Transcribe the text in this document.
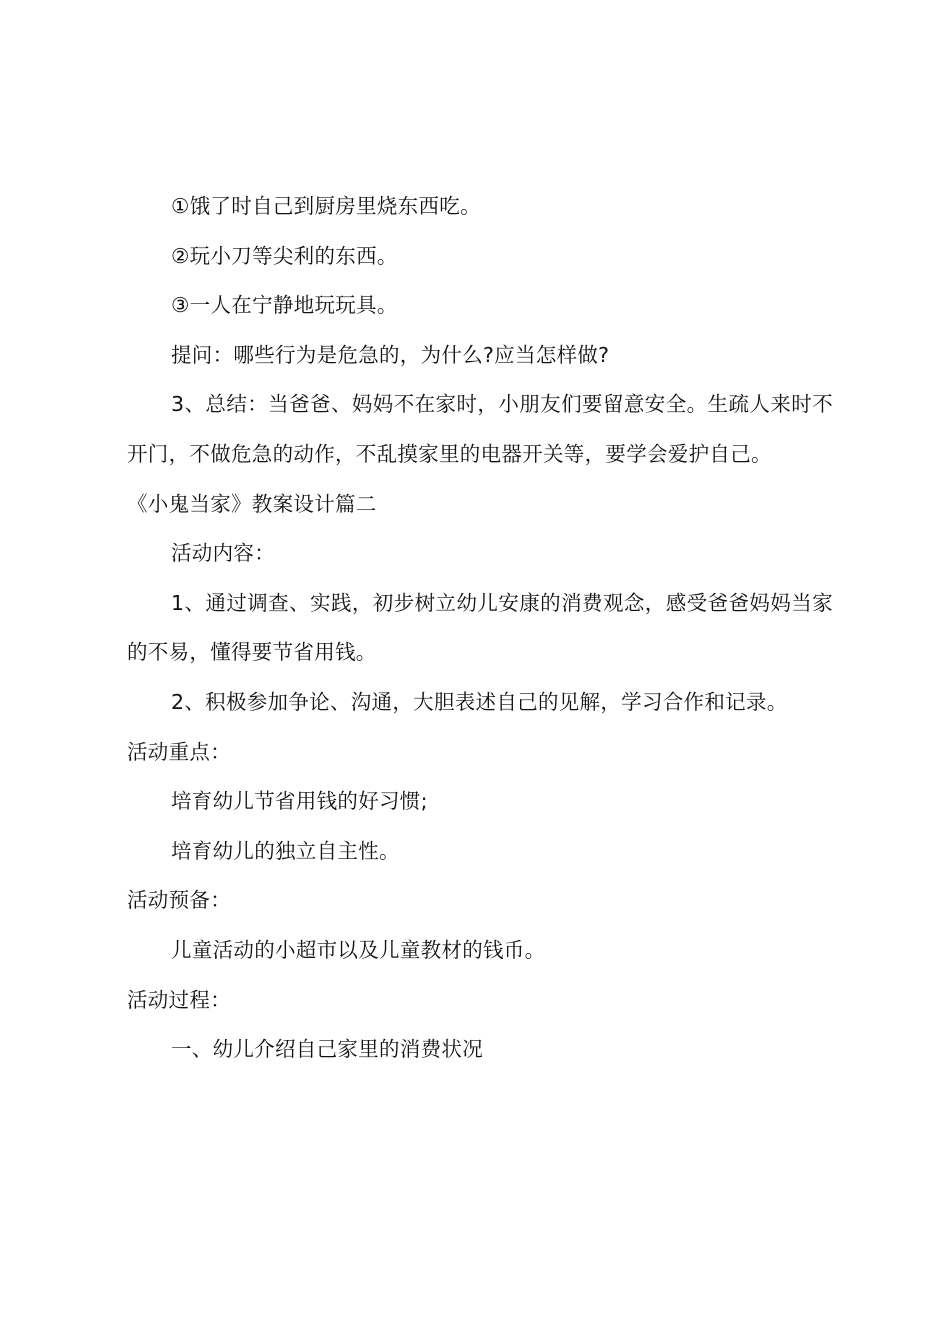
①饿了时自己到厨房里烧东西吃。

②玩小刀等尖利的东西。

③一人在宁静地玩玩具。

提问：哪些行为是危急的，为什么?应当怎样做?

3、总结：当爸爸、妈妈不在家时，小朋友们要留意安全。生疏人来时不开门，不做危急的动作，不乱摸家里的电器开关等，要学会爱护自己。

《小鬼当家》教案设计篇二

活动内容：

1、通过调查、实践，初步树立幼儿安康的消费观念，感受爸爸妈妈当家的不易，懂得要节省用钱。

2、积极参加争论、沟通，大胆表述自己的见解，学习合作和记录。

活动重点：

培育幼儿节省用钱的好习惯;

培育幼儿的独立自主性。

活动预备：

儿童活动的小超市以及儿童教材的钱币。

活动过程：

一、幼儿介绍自己家里的消费状况
